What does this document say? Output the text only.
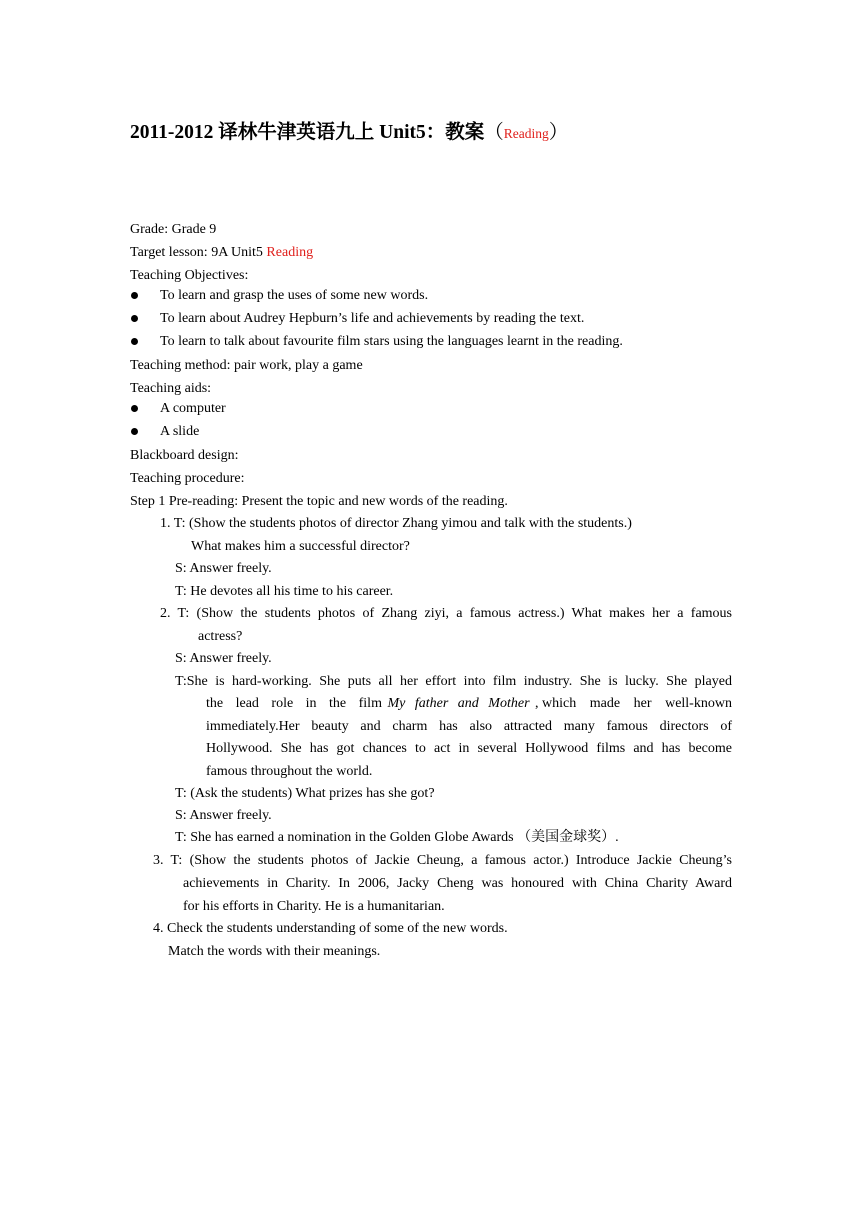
2011-2012 译林牛津英语九上 Unit5：教案（Reading）
Grade: Grade 9
Target lesson: 9A Unit5 Reading
Teaching Objectives:
To learn and grasp the uses of some new words.
To learn about Audrey Hepburn’s life and achievements by reading the text.
To learn to talk about favourite film stars using the languages learnt in the reading.
Teaching method: pair work, play a game
Teaching aids:
A computer
A slide
Blackboard design:
Teaching procedure:
Step 1 Pre-reading: Present the topic and new words of the reading.
1. T: (Show the students photos of director Zhang yimou and talk with the students.)
What makes him a successful director?
S: Answer freely.
T: He devotes all his time to his career.
2. T: (Show the students photos of Zhang ziyi, a famous actress.) What makes her a famous
actress?
S: Answer freely.
T:She is hard-working. She puts all her effort into film industry. She is lucky. She played
the lead role in the film My father and Mother , which made her well-known
immediately.Her beauty and charm has also attracted many famous directors of
Hollywood. She has got chances to act in several Hollywood films and has become
famous throughout the world.
T: (Ask the students) What prizes has she got?
S: Answer freely.
T: She has earned a nomination in the Golden Globe Awards （美国金球奖）.
3. T: (Show the students photos of Jackie Cheung, a famous actor.) Introduce Jackie Cheung’s
achievements in Charity. In 2006, Jacky Cheng was honoured with China Charity Award
for his efforts in Charity. He is a humanitarian.
4. Check the students understanding of some of the new words.
Match the words with their meanings.
